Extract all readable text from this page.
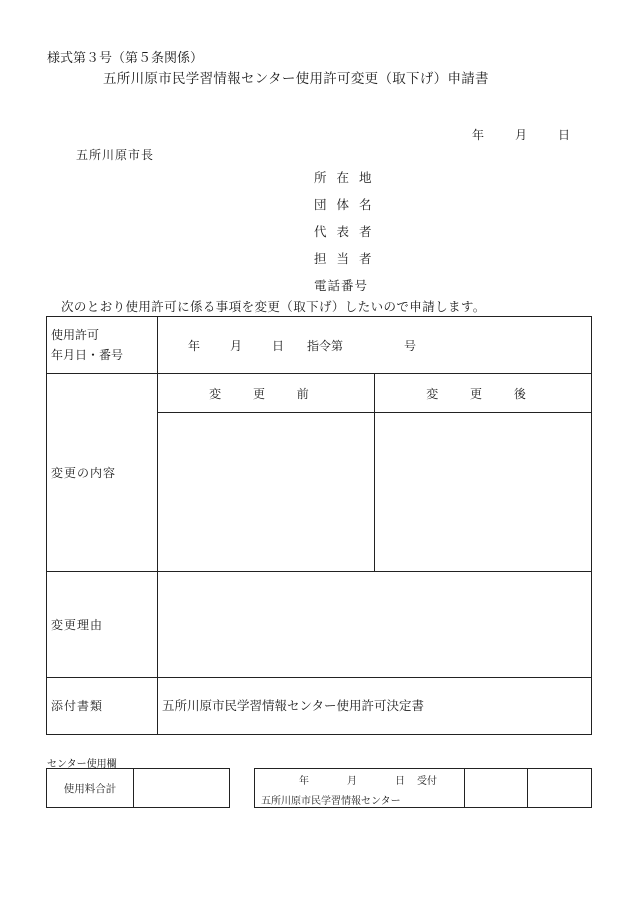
様式第３号（第５条関係）
五所川原市民学習情報センター使用許可変更（取下げ）申請書
年	月	日
五所川原市長
所 在 地
団 体 名
代 表 者
担 当 者
電話番号
次のとおり使用許可に係る事項を変更（取下げ）したいので申請します。
使用許可
年月日・番号	年 月 日 指令第 号	
変更の内容	変 更 前	変 更 後

変更理由		
添付書類	五所川原市民学習情報センター使用許可決定書	
センター使用欄
使用料合計	
年	月	日 受付
五所川原市民学習情報センター
